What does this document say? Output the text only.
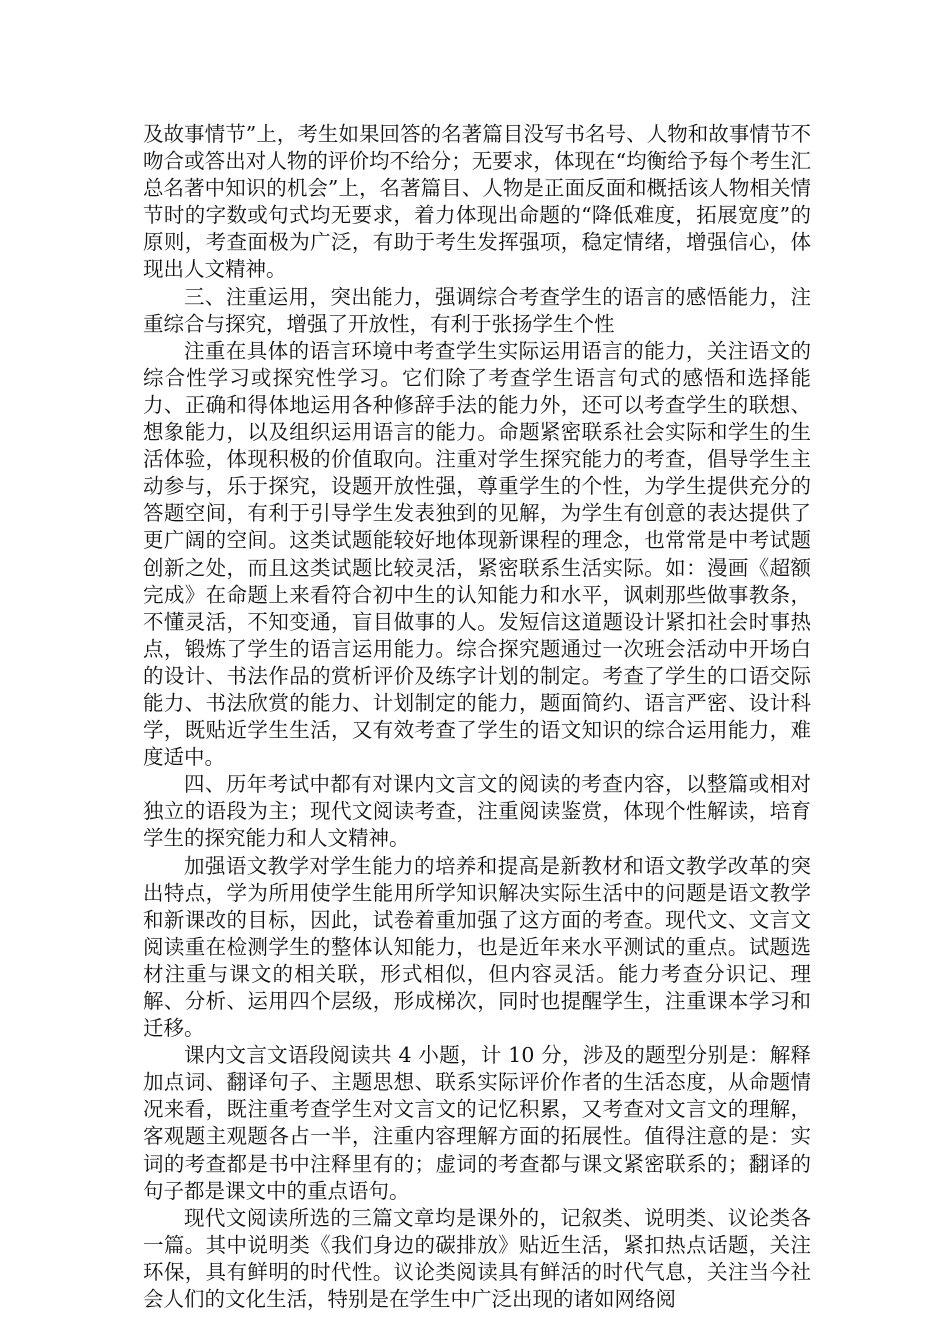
及故事情节”上，考生如果回答的名著篇目没写书名号、人物和故事情节不吻合或答出对人物的评价均不给分；无要求，体现在“均衡给予每个考生汇总名著中知识的机会”上，名著篇目、人物是正面反面和概括该人物相关情节时的字数或句式均无要求，着力体现出命题的“降低难度，拓展宽度”的原则，考查面极为广泛，有助于考生发挥强项，稳定情绪，增强信心，体现出人文精神。

三、注重运用，突出能力，强调综合考查学生的语言的感悟能力，注重综合与探究，增强了开放性，有利于张扬学生个性

注重在具体的语言环境中考查学生实际运用语言的能力，关注语文的综合性学习或探究性学习。它们除了考查学生语言句式的感悟和选择能力、正确和得体地运用各种修辞手法的能力外，还可以考查学生的联想、想象能力，以及组织运用语言的能力。命题紧密联系社会实际和学生的生活体验，体现积极的价值取向。注重对学生探究能力的考查，倡导学生主动参与，乐于探究，设题开放性强，尊重学生的个性，为学生提供充分的答题空间，有利于引导学生发表独到的见解，为学生有创意的表达提供了更广阔的空间。这类试题能较好地体现新课程的理念，也常常是中考试题创新之处，而且这类试题比较灵活，紧密联系生活实际。如：漫画《超额完成》在命题上来看符合初中生的认知能力和水平，讽刺那些做事教条，不懂灵活，不知变通，盲目做事的人。发短信这道题设计紧扣社会时事热点，锻炼了学生的语言运用能力。综合探究题通过一次班会活动中开场白的设计、书法作品的赏析评价及练字计划的制定。考查了学生的口语交际能力、书法欣赏的能力、计划制定的能力，题面简约、语言严密、设计科学，既贴近学生生活，又有效考查了学生的语文知识的综合运用能力，难度适中。

四、历年考试中都有对课内文言文的阅读的考查内容，以整篇或相对独立的语段为主；现代文阅读考查，注重阅读鉴赏，体现个性解读，培育学生的探究能力和人文精神。

加强语文教学对学生能力的培养和提高是新教材和语文教学改革的突出特点，学为所用使学生能用所学知识解决实际生活中的问题是语文教学和新课改的目标，因此，试卷着重加强了这方面的考查。现代文、文言文阅读重在检测学生的整体认知能力，也是近年来水平测试的重点。试题选材注重与课文的相关联，形式相似，但内容灵活。能力考查分识记、理解、分析、运用四个层级，形成梯次，同时也提醒学生，注重课本学习和迁移。

课内文言文语段阅读共 4 小题，计 10 分，涉及的题型分别是：解释加点词、翻译句子、主题思想、联系实际评价作者的生活态度，从命题情况来看，既注重考查学生对文言文的记忆积累，又考查对文言文的理解，客观题主观题各占一半，注重内容理解方面的拓展性。值得注意的是：实词的考查都是书中注释里有的；虚词的考查都与课文紧密联系的；翻译的句子都是课文中的重点语句。

现代文阅读所选的三篇文章均是课外的，记叙类、说明类、议论类各一篇。其中说明类《我们身边的碳排放》贴近生活，紧扣热点话题，关注环保，具有鲜明的时代性。议论类阅读具有鲜活的时代气息，关注当今社会人们的文化生活，特别是在学生中广泛出现的诸如网络阅
